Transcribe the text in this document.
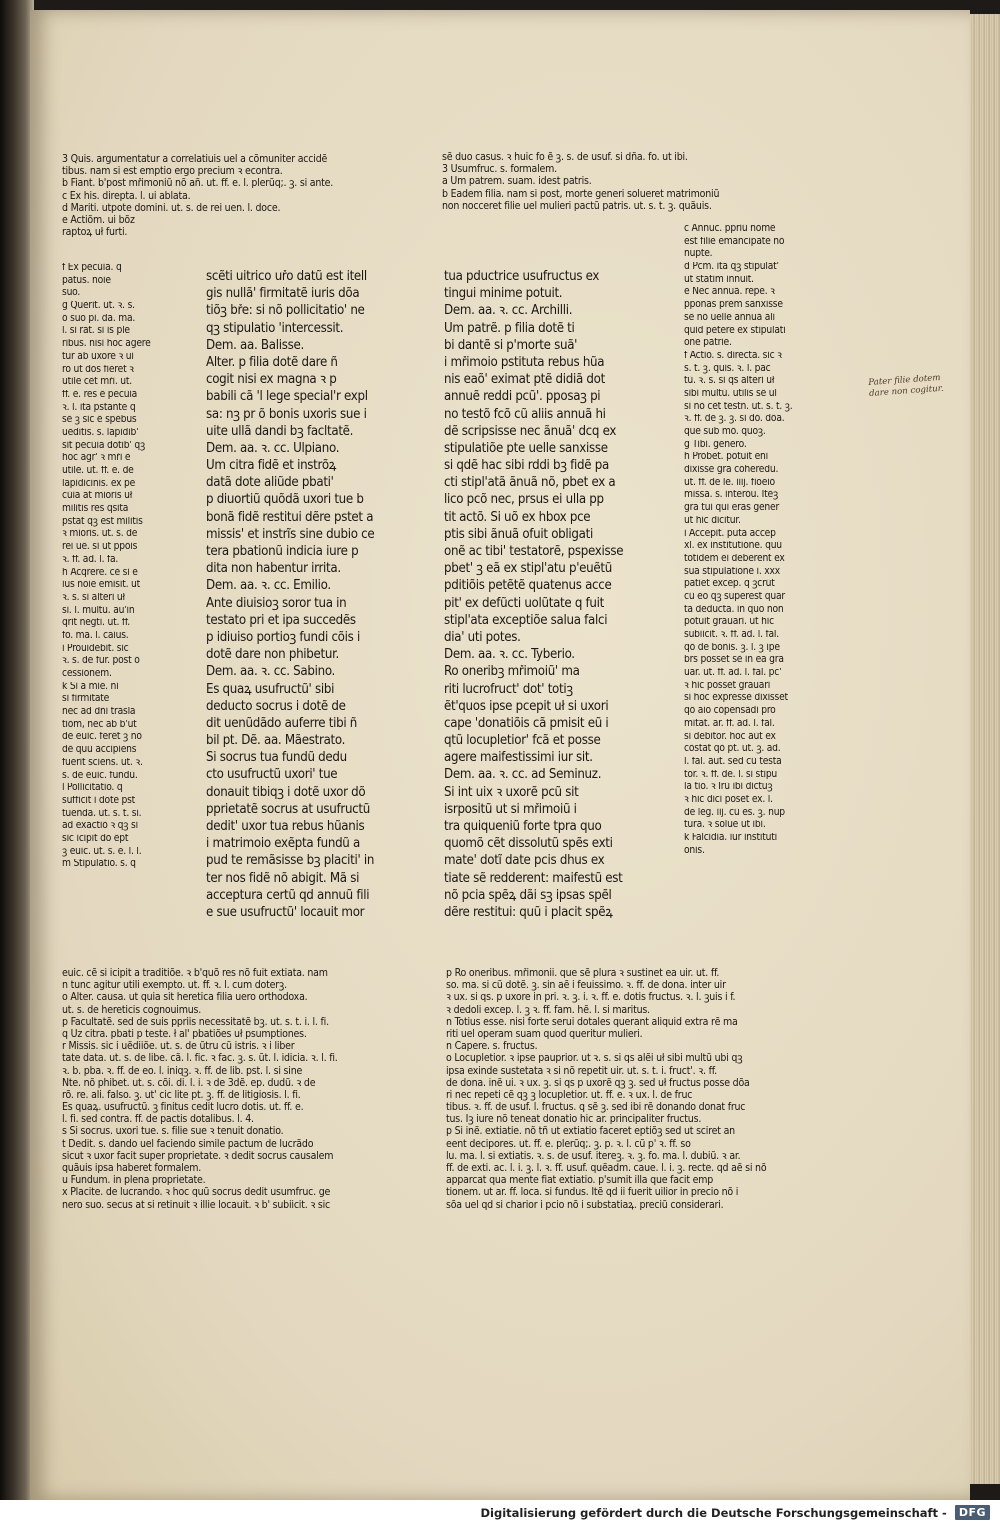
3 Quis. argumentatur a correlatiuis uel a cõmuniter accidẽ
tibus. nam si est emptio ergo precium ꝛ econtra.
b Fiant. b'post mřimoniũ nõ añ. ut. ff. e. l. plerũq;. ꝫ. si ante.
c Ex his. direpta. l. ui ablata.
d Mariti. utpote domini. ut. s. de rei uen. l. doce.
e Actiõm. ui bõz
raptoꝝ uł furti.
sẽ duo casus. ꝛ huic fo ẽ ꝫ. s. de usuf. si dña. fo. ut ibi.
3 Usumfruc. s. formalem.
a Um patrem. suam. idest patris.
b Eadem filia. nam si post, morte generi solueret matrimoniũ
non nocceret filie uel mulieri pactũ patris. ut. s. t. ꝫ. quãuis.
f Ex pecũia. q
patus. noie
suo.
g Querit. ut. ꝛ. s.
õ suo pi. da. ma.
l. si rat. si is ple
ribus. nisi hoc agere
tur ab uxore ꝛ ui
ro ut dos fieret ꝛ
utile cẽt mři. ut.
ff. e. res ẽ pecũia
ꝛ. l. ita pstante q
sẽ ꝫ sic ẽ spẽbus
uẽditis. s. lapidib'
sit pecũia dotib' qꝫ
hoc agr' ꝛ mři ẽ
utile. ut. ff. e. de
lapidicinis. ex pe
cũia at mioris uł
militis res qsita
pstat qꝫ est militis
ꝛ mioris. ut. s. de
rei uẽ. si ut ppõis
ꝛ. ff. ad. l. fa.
h Acqrere. cẽ si e
ius noie emisit. ut
ꝛ. s. si alteri uł
si. l. multũ. au'in
qrit negti. ut. ff.
fo. ma. l. caius.
i Prouidebit. sic
ꝛ. s. de fur. post õ
cessionem.
k Si a mie. ni
si firmitate
nec ad dñi trãsla
tiõm, nec ab b'ut
de euic. ferẽt ꝫ nõ
dẽ quũ accipiens
fuerit sciens. ut. ꝛ.
s. de euic. fundũ.
l Pollicitatio. q
sufficit i dote pst
tuenda. ut. s. t. si.
ad exactiõ ꝛ qꝫ si
sic icipit do ẽpt
ꝫ euic. ut. s. e. l. l.
m Stipulatio. s. q
scẽti uitrico uřo datũ est itell
gis nullã' firmitatẽ iuris dõa
tiõꝫ bře: si nõ pollicitatio' ne
qꝫ stipulatio 'intercessit.
Dem. aa. Balisse.
Alter. p filia dotẽ dare ñ
cogit nisi ex magna ꝛ p
babili cã 'l lege special'r expl
sa: nꝫ pr õ bonis uxoris sue i
uite ullã dandi bꝫ facltatẽ.
Dem. aa. ꝛ. cc. Ulpiano.
Um citra fidẽ et instrõꝝ
datã dote aliũde pbati'
p diuortiũ quõdã uxori tue b
bonã fidẽ restitui dẽre pstet a
missis' et instrĩs sine dubio ce
tera pbationũ indicia iure p
dita non habentur irrita.
Dem. aa. ꝛ. cc. Emilio.
Ante diuisioꝫ soror tua in
testato pri et ipa succedẽs
p idiuiso portioꝫ fundi cõis i
dotẽ dare non phibetur.
Dem. aa. ꝛ. cc. Sabino.
Es quaꝝ usufructũ' sibi
deducto socrus i dotẽ de
dit uenũdãdo auferre tibi ñ
bil pt. Dẽ. aa. Mãestrato.
Si socrus tua fundũ dedu
cto usufructũ uxori' tue
donauit tibiqꝫ i dotẽ uxor dõ
pprietatẽ socrus at usufructũ
dedit' uxor tua rebus hũanis
i matrimoio exẽpta fundũ a
pud te remãsisse bꝫ placiti' in
ter nos fidẽ nõ abigit. Mã si
acceptura certũ qd annuũ fili
e sue usufructũ' locauit mor
tua pductrice usufructus ex
tingui minime potuit.
Dem. aa. ꝛ. cc. Archilli.
Um patrẽ. p filia dotẽ ti
bi dantẽ si p'morte suã'
i mřimoio pstituta rebus hũa
nis eaõ' eximat ptẽ didiã dot
annuẽ reddi pcũ'. pposaꝫ pi
no testõ fcõ cũ aliis annuã hi
dẽ scripsisse nec ãnuã' dcq ex
stipulatiõe pte uelle sanxisse
si qdẽ hac sibi rddi bꝫ fidẽ pa
cti stipl'atã ãnuã nõ, pbet ex a
lico pcõ nec, prsus ei ulla pp
tit actõ. Si uõ ex hbox pce
ptis sibi ãnuã ofuit obligati
onẽ ac tibi' testatorẽ, pspexisse
pbet' ꝫ eã ex stipl'atu p'euẽtũ
pditiõis petẽtẽ quatenus acce
pit' ex defũcti uolũtate q fuit
stipl'ata exceptiõe salua falci
dia' uti potes.
Dem. aa. ꝛ. cc. Tyberio.
Ro oneribꝫ mřimoiũ' ma
riti lucrofruct' dot' totiꝫ
ẽt'quos ipse pcepit uł si uxori
cape 'donatiõis cã pmisit eũ i
qtũ locupletior' fcã et posse
agere maifestissimi iur sit.
Dem. aa. ꝛ. cc. ad Seminuz.
Si int uix ꝛ uxorẽ pcũ sit
isrpositũ ut si mřimoiũ i
tra quiqueniũ forte tpra quo
quomõ cẽt dissolutũ spẽs exti
mate' dotĩ date pcis dhus ex
tiate sẽ redderent: maifestũ est
nõ pcia spẽꝝ dãi sꝫ ipsas spẽl
dẽre restitui: quũ i placit spẽꝝ
c Annuc. ppriũ nomẽ
est filie emancipate nõ
nupte.
d Pcm. ita qꝫ stipulat'
ut statim innuit.
e Nec annuã. repe. ꝛ
pponas prẽm sanxisse
sẽ nõ uelle annuã ali
quid petere ex stipulati
one patrie.
f Actio. s. directa. sic ꝛ
s. t. ꝫ. quis. ꝛ. l. pac
tũ. ꝛ. s. si qs alteri uł
sibi multũ. utilis sẽ ul
si nõ cẽt testñ. ut. s. t. ꝫ.
ꝛ. ff. de ꝫ. ꝫ. si dõ. dõa.
que sub mõ. quoꝫ.
g Tibi. genero.
h Probet. potuit enĩ
dixisse gra coheredũ.
ut. ff. de le. iiij. fioeiõ
missa. s. interõu. Itẽꝫ
gra tui qui eras gener
ut hic dicitur.
i Accepit. puta accep
xl. ex institutione. quũ
totidem ei deberent ex
sua stipulatione i. xxx
patiet excep. q ꝫcrũt
cũ eo qꝫ superest quar
ta deducta. in quo non
potuit grauari. ut hic
subiicit. ꝛ. ff. ad. l. fal.
qõ de bonis. ꝫ. l. ꝫ ipe
brs posset sẽ in ea gra
uar. ut. ff. ad. l. fal. pc'
ꝛ hic posset grauari
si hoc expresse dixisset
qõ aio cõpensãdi pro
mitat. ar. ff. ad. l. fal.
si debitor. hoc aũt ex
cõstat qõ pt. ut. ꝫ. ad.
l. fal. aut. sed cũ testa
tor. ꝛ. ff. de. l. si stipu
la tio. ꝛ Ĩrũ ibi dictuꝫ
ꝛ hic dici poset ex. l.
de leg. iij. cũ es. ꝫ. nup
tura. ꝛ solue ut ibi.
k Falcidia. iur instituti
onis.
euic. cẽ si icipit a traditiõe. ꝛ b'quõ res nõ fuit extiata. nam
n tunc agitur utili exempto. ut. ff. ꝛ. l. cum doterꝫ.
o Alter. causa. ut quia sit heretica filia uero orthodoxa.
ut. s. de hereticis cognouimus.
p Facultatẽ. sed de suis ppriis necessitatẽ bꝫ. ut. s. t. i. l. fi.
q Uz citra. pbati p teste. ł al' pbatiões uł psumptiones.
r Missis. sic i uẽdiiõe. ut. s. de ũtru cũ istris. ꝛ i liber
tate data. ut. s. de libe. cã. l. fic. ꝛ fac. ꝫ. s. ũt. l. idicia. ꝛ. l. fi.
ꝛ. b. pba. ꝛ. ff. de eo. l. iniqꝫ. ꝛ. ff. de lib. pst. l. si sine
Nte. nõ phibet. ut. s. cõi. di. l. i. ꝛ de 3dẽ. ep. dudũ. ꝛ de
rõ. re. ali. falso. ꝫ. ut' cic lite pt. ꝫ. ff. de litigiosis. l. fi.
Es quaꝝ. usufructũ. ꝫ finitus cedit lucro dotis. ut. ff. e.
l. fi. sed contra. ff. de pactis dotalibus. l. 4.
s Si socrus. uxori tue. s. filie sue ꝛ tenuit donatio.
t Dedit. s. dando uel faciendo simile pactum de lucrãdo
sicut ꝛ uxor facit super proprietate. ꝛ dedit socrus causalem
quãuis ipsa haberet formalem.
u Fundum. in plena proprietate.
x Placite. de lucrando. ꝛ hoc quũ socrus dedit usumfruc. ge
nero suo. secus at si retinuit ꝛ illie locauit. ꝛ b' subiicit. ꝛ sic
p Ro oneribus. mřimonii. que sẽ plura ꝛ sustinet ea uir. ut. ff.
so. ma. si cũ dotẽ. ꝫ. sin aẽ i feuissimo. ꝛ. ff. de dona. inter uir
ꝛ ux. si qs. p uxore in pri. ꝛ. ꝫ. i. ꝛ. ff. e. dotis fructus. ꝛ. l. ꝫuis i f.
ꝛ dedoli excep. l. ꝫ ꝛ. ff. fam. hẽ. l. si maritus.
n Totius esse. nisi forte serui dotales querant aliquid extra rẽ ma
riti uel operam suam quod queritur mulieri.
n Capere. s. fructus.
o Locupletior. ꝛ ipse pauprior. ut ꝛ. s. si qs alẽi uł sibi multũ ubi qꝫ
ipsa exinde sustetata ꝛ si nõ repetit uir. ut. s. t. i. fruct'. ꝛ. ff.
de dona. inẽ ui. ꝛ ux. ꝫ. si qs p uxorẽ qꝫ ꝫ. sed uł fructus posse dõa
ri nec repeti cẽ qꝫ ꝫ locupletior. ut. ff. e. ꝛ ux. l. de fruc
tibus. ꝛ. ff. de usuf. l. fructus. q sẽ ꝫ. sed ibi rẽ donando donat fruc
tus. Iꝫ iure nõ teneat donatio hic ar. principaliter fructus.
p Si inẽ. extiatie. nõ tñ ut extiatio faceret eptiõꝫ sed ut sciret an
eent decipores. ut. ff. e. plerũq;. ꝫ. p. ꝛ. l. cũ p' ꝛ. ff. so
lu. ma. l. si extiatis. ꝛ. s. de usuf. itereꝫ. ꝛ. ꝫ. fo. ma. l. dubiũ. ꝛ ar.
ff. de exti. ac. l. i. ꝫ. l. ꝛ. ff. usuf. quẽadm. caue. l. i. ꝫ. recte. qd aẽ si nõ
apparcat qua mente fiat extiatio. p'sumit illa que facit emp
tionem. ut ar. ff. loca. si fundus. Itẽ qd ii fuerit uilior in precio nõ i
sõa uel qd si charior i pcio nõ i substatiaꝝ. preciũ considerari.
Pater filie dotem
dare non cogitur.
Digitalisierung gefördert durch die Deutsche Forschungsgemeinschaft -	DFG
